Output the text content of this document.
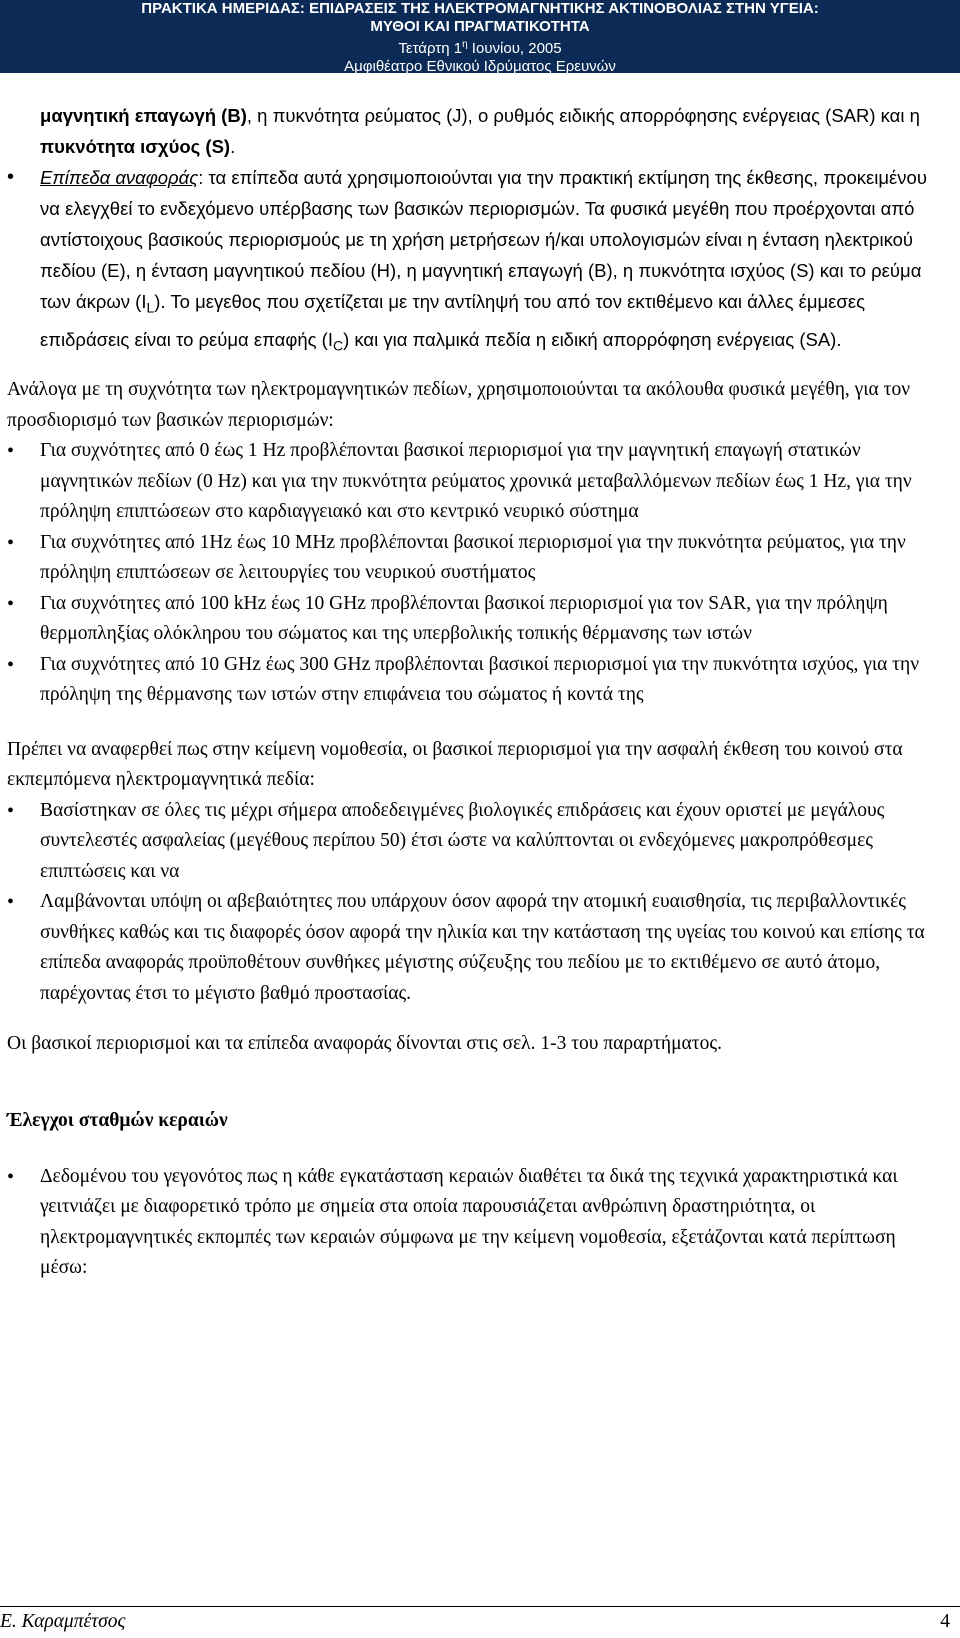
ΠΡΑΚΤΙΚΑ ΗΜΕΡΙΔΑΣ: ΕΠΙΔΡΑΣΕΙΣ ΤΗΣ ΗΛΕΚΤΡΟΜΑΓΝΗΤΙΚΗΣ ΑΚΤΙΝΟΒΟΛΙΑΣ ΣΤΗΝ ΥΓΕΙΑ:
ΜΥΘΟΙ ΚΑΙ ΠΡΑΓΜΑΤΙΚΟΤΗΤΑ
Τετάρτη $1^\eta$ Ιουνίου, 2005
Αμφιθέατρο Εθνικού Ιδρύματος Ερευνών
μαγνητική επαγωγή (B), η πυκνότητα ρεύματος (J), ο ρυθμός ειδικής απορρόφησης ενέργειας (SAR) και η πυκνότητα ισχύος (S).
• Επίπεδα αναφοράς: τα επίπεδα αυτά χρησιμοποιούνται για την πρακτική εκτίμηση της έκθεσης, προκειμένου να ελεγχθεί το ενδεχόμενο υπέρβασης των βασικών περιορισμών. Τα φυσικά μεγέθη που προέρχονται από αντίστοιχους βασικούς περιορισμούς με τη χρήση μετρήσεων ή/και υπολογισμών είναι η ένταση ηλεκτρικού πεδίου (E), η ένταση μαγνητικού πεδίου (H), η μαγνητική επαγωγή (B), η πυκνότητα ισχύος (S) και το ρεύμα των άκρων $(I_L)$. Το μεγεθος που σχετίζεται με την αντίληψή του από τον εκτιθέμενο και άλλες έμμεσες επιδράσεις είναι το ρεύμα επαφής $(I_C)$ και για παλμικά πεδία η ειδική απορρόφηση ενέργειας (SA).
Ανάλογα με τη συχνότητα των ηλεκτρομαγνητικών πεδίων, χρησιμοποιούνται τα ακόλουθα φυσικά μεγέθη, για τον προσδιορισμό των βασικών περιορισμών:
• Για συχνότητες από 0 έως 1 Hz προβλέπονται βασικοί περιορισμοί για την μαγνητική επαγωγή στατικών μαγνητικών πεδίων (0 Hz) και για την πυκνότητα ρεύματος χρονικά μεταβαλλόμενων πεδίων έως 1 Hz, για την πρόληψη επιπτώσεων στο καρδιαγγειακό και στο κεντρικό νευρικό σύστημα
• Για συχνότητες από 1Hz έως 10 MHz προβλέπονται βασικοί περιορισμοί για την πυκνότητα ρεύματος, για την πρόληψη επιπτώσεων σε λειτουργίες του νευρικού συστήματος
• Για συχνότητες από 100 kHz έως 10 GHz προβλέπονται βασικοί περιορισμοί για τον SAR, για την πρόληψη θερμοπληξίας ολόκληρου του σώματος και της υπερβολικής τοπικής θέρμανσης των ιστών
• Για συχνότητες από 10 GHz έως 300 GHz προβλέπονται βασικοί περιορισμοί για την πυκνότητα ισχύος, για την πρόληψη της θέρμανσης των ιστών στην επιφάνεια του σώματος ή κοντά της
Πρέπει να αναφερθεί πως στην κείμενη νομοθεσία, οι βασικοί περιορισμοί για την ασφαλή έκθεση του κοινού στα εκπεμπόμενα ηλεκτρομαγνητικά πεδία:
• Βασίστηκαν σε όλες τις μέχρι σήμερα αποδεδειγμένες βιολογικές επιδράσεις και έχουν οριστεί με μεγάλους συντελεστές ασφαλείας (μεγέθους περίπου 50) έτσι ώστε να καλύπτονται οι ενδεχόμενες μακροπρόθεσμες επιπτώσεις και να
• Λαμβάνονται υπόψη οι αβεβαιότητες που υπάρχουν όσον αφορά την ατομική ευαισθησία, τις περιβαλλοντικές συνθήκες καθώς και τις διαφορές όσον αφορά την ηλικία και την κατάσταση της υγείας του κοινού και επίσης τα επίπεδα αναφοράς προϋποθέτουν συνθήκες μέγιστης σύζευξης του πεδίου με το εκτιθέμενο σε αυτό άτομο, παρέχοντας έτσι το μέγιστο βαθμό προστασίας.
Οι βασικοί περιορισμοί και τα επίπεδα αναφοράς δίνονται στις σελ. 1-3 του παραρτήματος.
Έλεγχοι σταθμών κεραιών
• Δεδομένου του γεγονότος πως η κάθε εγκατάσταση κεραιών διαθέτει τα δικά της τεχνικά χαρακτηριστικά και γειτνιάζει με διαφορετικό τρόπο με σημεία στα οποία παρουσιάζεται ανθρώπινη δραστηριότητα, οι ηλεκτρομαγνητικές εκπομπές των κεραιών σύμφωνα με την κείμενη νομοθεσία, εξετάζονται κατά περίπτωση μέσω:
Ε. Καραμπέτσος	4
